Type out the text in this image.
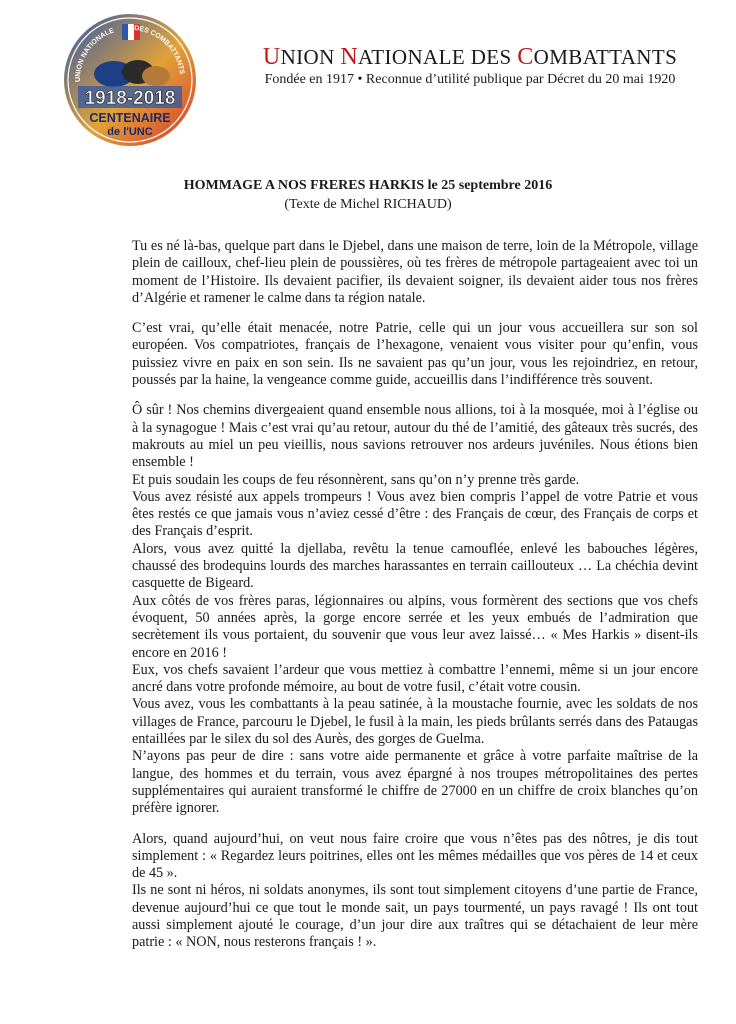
UNION NATIONALE	DES COMBATTANTS
1918-2018
CENTENAIRE
de l'UNC
UNION NATIONALE DES COMBATTANTS
Fondée en 1917 • Reconnue d’utilité publique par Décret du 20 mai 1920
HOMMAGE A NOS FRERES HARKIS le 25 septembre 2016
(Texte de Michel RICHAUD)

Tu es né là-bas, quelque part dans le Djebel, dans une maison de terre, loin de la Métropole, village plein de cailloux, chef-lieu plein de poussières, où tes frères de métropole partageaient avec toi un moment de l’Histoire. Ils devaient pacifier, ils devaient soigner, ils devaient aider tous nos frères d’Algérie et ramener le calme dans ta région natale.

C’est vrai, qu’elle était menacée, notre Patrie, celle qui un jour vous accueillera sur son sol européen. Vos compatriotes, français de l’hexagone, venaient vous visiter pour qu’enfin, vous puissiez vivre en paix en son sein. Ils ne savaient pas qu’un jour, vous les rejoindriez, en retour, poussés par la haine, la vengeance comme guide, accueillis dans l’indifférence très souvent.

Ô sûr ! Nos chemins divergeaient quand ensemble nous allions, toi à la mosquée, moi à l’église ou à la synagogue ! Mais c’est vrai qu’au retour, autour du thé de l’amitié, des gâteaux très sucrés, des makrouts au miel un peu vieillis, nous savions retrouver nos ardeurs juvéniles. Nous étions bien ensemble !

Et puis soudain les coups de feu résonnèrent, sans qu’on n’y prenne très garde.

Vous avez résisté aux appels trompeurs ! Vous avez bien compris l’appel de votre Patrie et vous êtes restés ce que jamais vous n’aviez cessé d’être : des Français de cœur, des Français de corps et des Français d’esprit.

Alors, vous avez quitté la djellaba, revêtu la tenue camouflée, enlevé les babouches légères, chaussé des brodequins lourds des marches harassantes en terrain caillouteux … La chéchia devint casquette de Bigeard.

Aux côtés de vos frères paras, légionnaires ou alpins, vous formèrent des sections que vos chefs évoquent, 50 années après, la gorge encore serrée et les yeux embués de l’admiration que secrètement ils vous portaient, du souvenir que vous leur avez laissé… « Mes Harkis » disent-ils encore en 2016 !

Eux, vos chefs savaient l’ardeur que vous mettiez à combattre l’ennemi, même si un jour encore ancré dans votre profonde mémoire, au bout de votre fusil, c’était votre cousin.

Vous avez, vous les combattants à la peau satinée, à la moustache fournie, avec les soldats de nos villages de France, parcouru le Djebel, le fusil à la main, les pieds brûlants serrés dans des Pataugas entaillées par le silex du sol des Aurès, des gorges de Guelma.

N’ayons pas peur de dire : sans votre aide permanente et grâce à votre parfaite maîtrise de la langue, des hommes et du terrain, vous avez épargné à nos troupes métropolitaines des pertes supplémentaires qui auraient transformé le chiffre de 27000 en un chiffre de croix blanches qu’on préfère ignorer.

Alors, quand aujourd’hui, on veut nous faire croire que vous n’êtes pas des nôtres, je dis tout simplement : « Regardez leurs poitrines, elles ont les mêmes médailles que vos pères de 14 et ceux de 45 ».

Ils ne sont ni héros, ni soldats anonymes, ils sont tout simplement citoyens d’une partie de France, devenue aujourd’hui ce que tout le monde sait, un pays tourmenté, un pays ravagé ! Ils ont tout aussi simplement ajouté le courage, d’un jour dire aux traîtres qui se détachaient de leur mère patrie : « NON, nous resterons français ! ».
